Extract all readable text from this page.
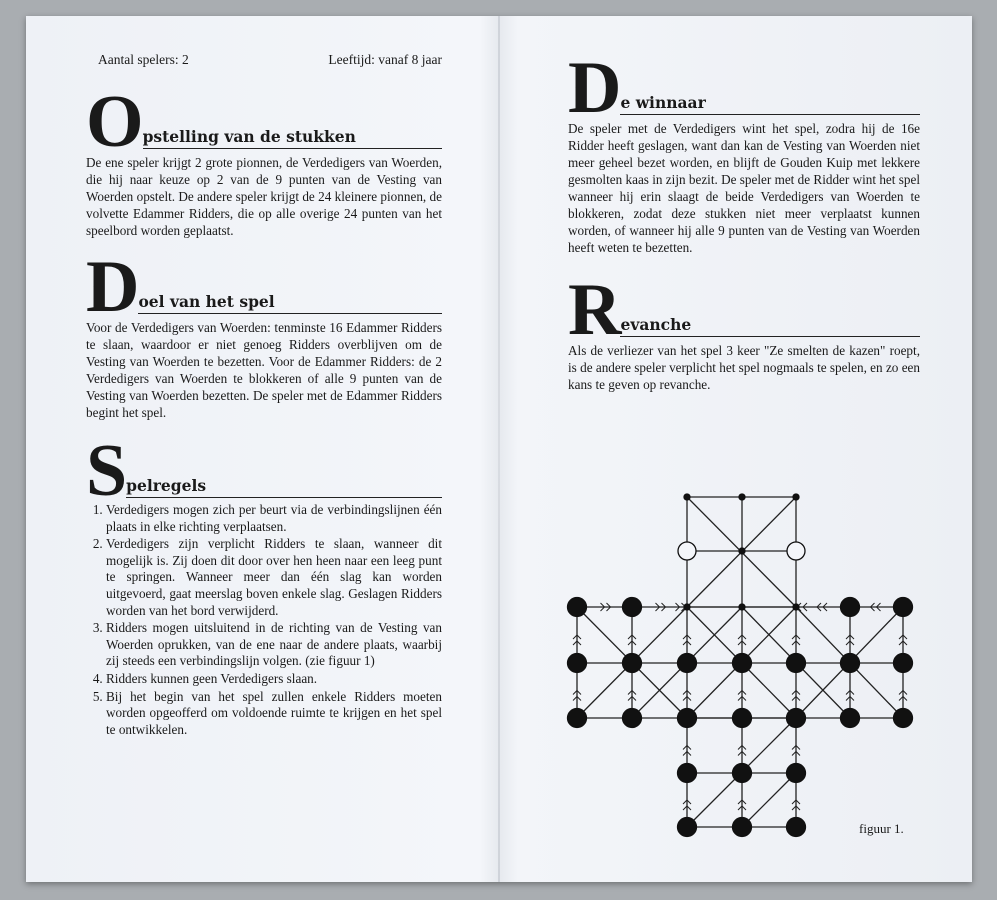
Aantal spelers: 2	Leeftijd: vanaf 8 jaar
O pstelling van de stukken

De ene speler krijgt 2 grote pionnen, de Verdedigers van Woerden, die hij naar keuze op 2 van de 9 punten van de Vesting van Woerden opstelt. De andere speler krijgt de 24 kleinere pionnen, de volvette Edammer Ridders, die op alle overige 24 punten van het speelbord worden geplaatst.

D oel van het spel

Voor de Verdedigers van Woerden: tenminste 16 Edammer Ridders te slaan, waardoor er niet genoeg Ridders overblijven om de Vesting van Woerden te bezetten. Voor de Edammer Ridders: de 2 Verdedigers van Woerden te blokkeren of alle 9 punten van de Vesting van Woerden bezetten. De speler met de Edammer Ridders begint het spel.

S pelregels
1. Verdedigers mogen zich per beurt via de verbindingslijnen één plaats in elke richting verplaatsen.
2. Verdedigers zijn verplicht Ridders te slaan, wanneer dit mogelijk is. Zij doen dit door over hen heen naar een leeg punt te springen. Wanneer meer dan één slag kan worden uitgevoerd, gaat meerslag boven enkele slag. Geslagen Ridders worden van het bord verwijderd.
3. Ridders mogen uitsluitend in de richting van de Vesting van Woerden oprukken, van de ene naar de andere plaats, waarbij zij steeds een verbindingslijn volgen. (zie figuur 1)
4. Ridders kunnen geen Verdedigers slaan.
5. Bij het begin van het spel zullen enkele Ridders moeten worden opgeofferd om voldoende ruimte te krijgen en het spel te ontwikkelen.
D e winnaar

De speler met de Verdedigers wint het spel, zodra hij de 16e Ridder heeft geslagen, want dan kan de Vesting van Woerden niet meer geheel bezet worden, en blijft de Gouden Kuip met lekkere gesmolten kaas in zijn bezit. De speler met de Ridder wint het spel wanneer hij erin slaagt de beide Verdedigers van Woerden te blokkeren, zodat deze stukken niet meer verplaatst kunnen worden, of wanneer hij alle 9 punten van de Vesting van Woerden heeft weten te bezetten.

R evanche

Als de verliezer van het spel 3 keer "Ze smelten de kazen" roept, is de andere speler verplicht het spel nogmaals te spelen, en zo een kans te geven op revanche.

figuur 1.
